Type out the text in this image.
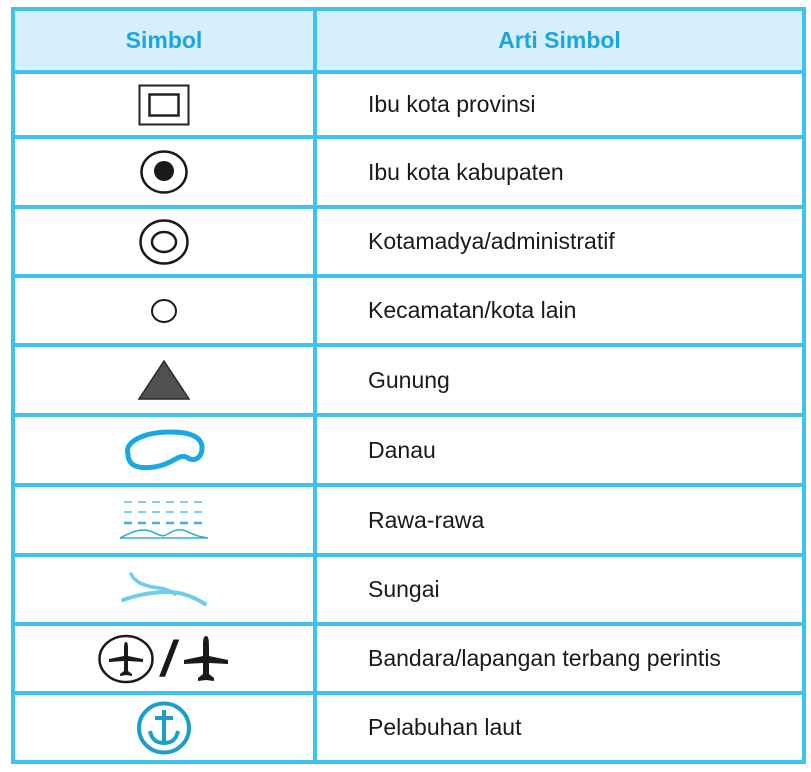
Simbol	Arti Simbol
Ibu kota provinsi
Ibu kota kabupaten
Kotamadya/administratif
Kecamatan/kota lain
Gunung
Danau
Rawa-rawa
Sungai
/	Bandara/lapangan terbang perintis
Pelabuhan laut
